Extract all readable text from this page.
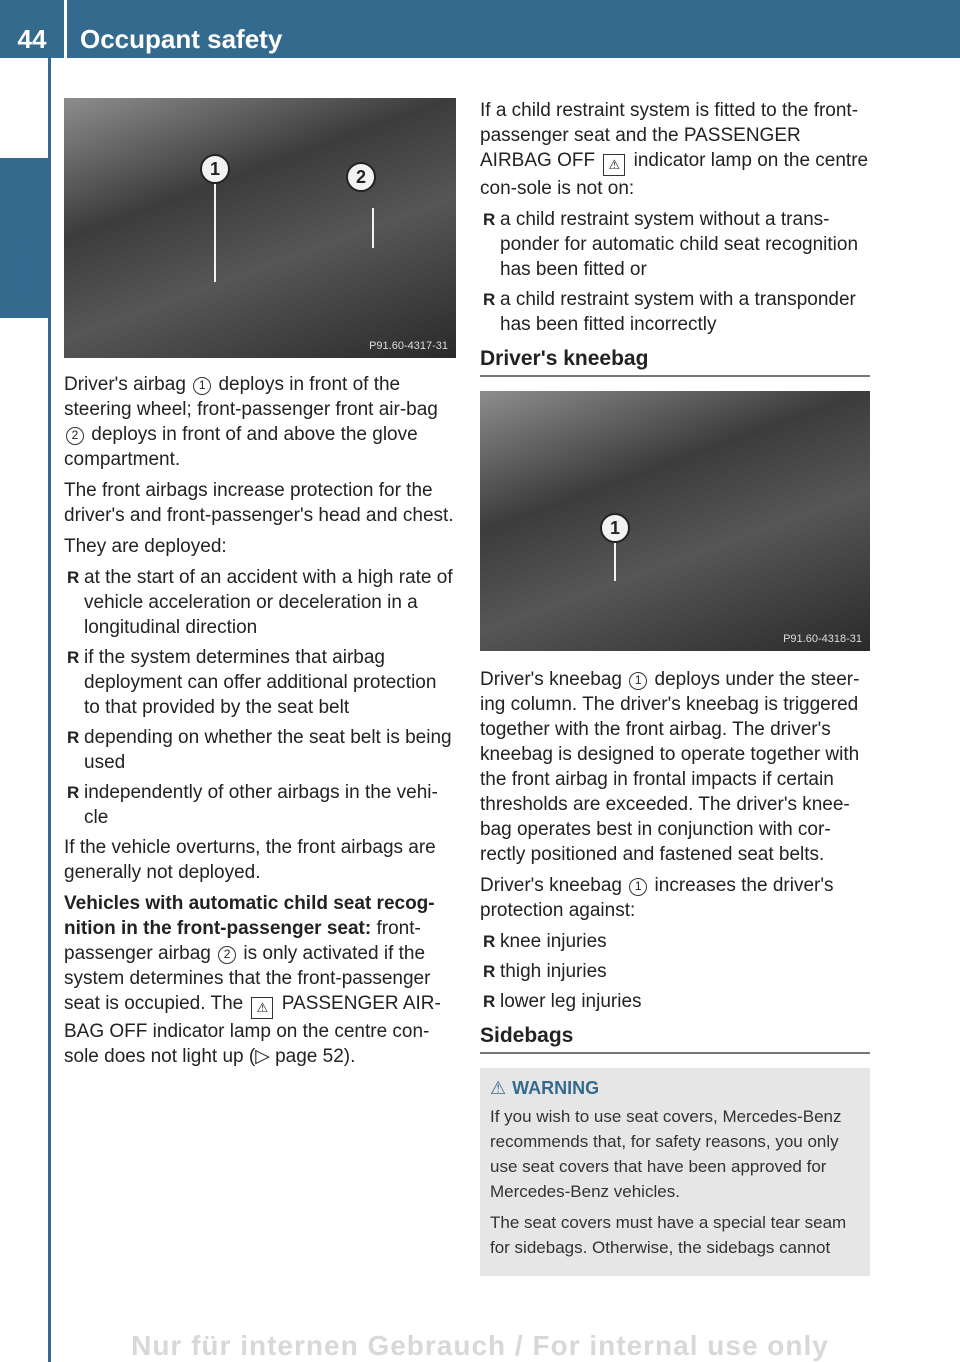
44	Occupant safety
Safety
1	2
P91.60-4317-31

Driver's airbag 1 deploys in front of the steering wheel; front-passenger front air-bag 2 deploys in front of and above the glove compartment.

The front airbags increase protection for the driver's and front-passenger's head and chest.

They are deployed:

R at the start of an accident with a high rate of vehicle acceleration or deceleration in a longitudinal direction
R if the system determines that airbag deployment can offer additional protection to that provided by the seat belt
R depending on whether the seat belt is being used
R independently of other airbags in the vehi-cle

If the vehicle overturns, the front airbags are generally not deployed.

Vehicles with automatic child seat recog-nition in the front-passenger seat: front-passenger airbag 2 is only activated if the system determines that the front-passenger seat is occupied. The ⚠ PASSENGER AIR-BAG OFF indicator lamp on the centre con-sole does not light up (▷ page 52).

If a child restraint system is fitted to the front-passenger seat and the PASSENGER AIRBAG OFF ⚠ indicator lamp on the centre con-sole is not on:

R a child restraint system without a trans-ponder for automatic child seat recognition has been fitted or
R a child restraint system with a transponder has been fitted incorrectly
Driver's kneebag
1
P91.60-4318-31

Driver's kneebag 1 deploys under the steer-ing column. The driver's kneebag is triggered together with the front airbag. The driver's kneebag is designed to operate together with the front airbag in frontal impacts if certain thresholds are exceeded. The driver's knee-bag operates best in conjunction with cor-rectly positioned and fastened seat belts.

Driver's kneebag 1 increases the driver's protection against:

R knee injuries
R thigh injuries
R lower leg injuries
Sidebags
⚠ WARNING

If you wish to use seat covers, Mercedes-Benz recommends that, for safety reasons, you only use seat covers that have been approved for Mercedes-Benz vehicles.

The seat covers must have a special tear seam for sidebags. Otherwise, the sidebags cannot

Nur für internen Gebrauch / For internal use only
